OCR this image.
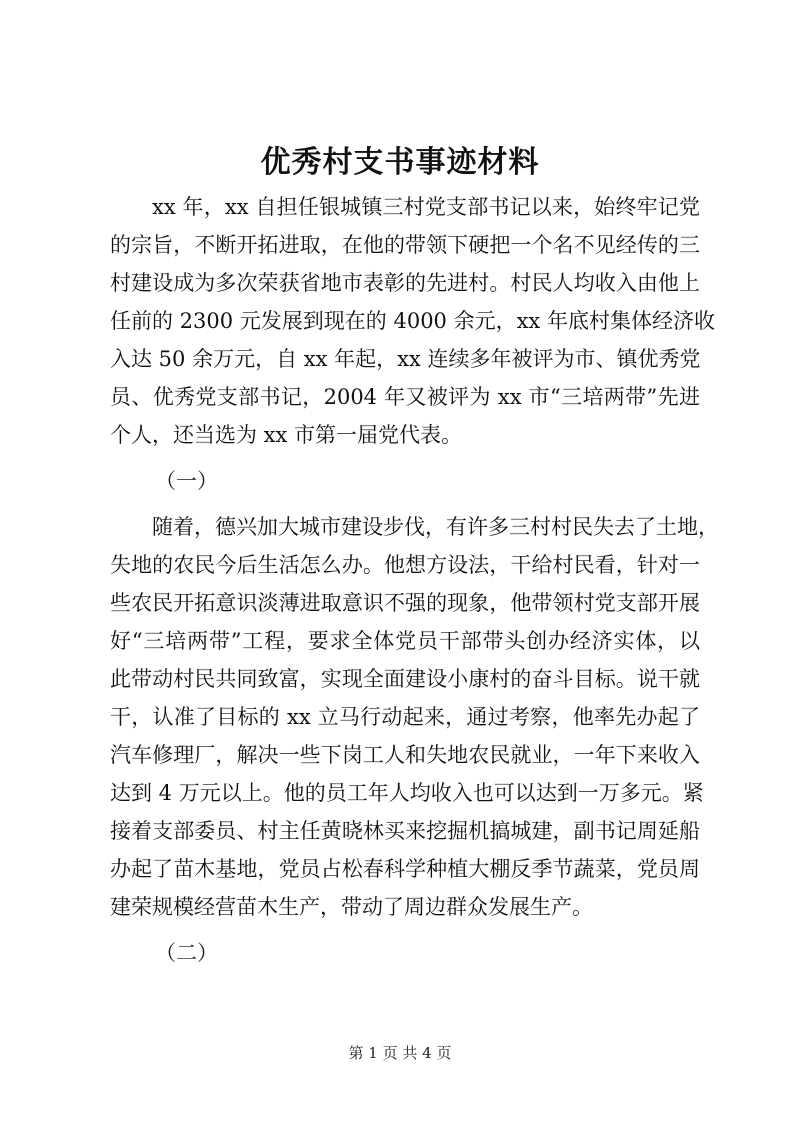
优秀村支书事迹材料
xx 年，xx 自担任银城镇三村党支部书记以来，始终牢记党
的宗旨，不断开拓进取，在他的带领下硬把一个名不见经传的三
村建设成为多次荣获省地市表彰的先进村。村民人均收入由他上
任前的 2300 元发展到现在的 4000 余元，xx 年底村集体经济收
入达 50 余万元，自 xx 年起，xx 连续多年被评为市、镇优秀党
员、优秀党支部书记，2004 年又被评为 xx 市“三培两带”先进
个人，还当选为 xx 市第一届党代表。
（一）
随着，德兴加大城市建设步伐，有许多三村村民失去了土地，
失地的农民今后生活怎么办。他想方设法，干给村民看，针对一
些农民开拓意识淡薄进取意识不强的现象，他带领村党支部开展
好“三培两带”工程，要求全体党员干部带头创办经济实体，以
此带动村民共同致富，实现全面建设小康村的奋斗目标。说干就
干，认准了目标的 xx 立马行动起来，通过考察，他率先办起了
汽车修理厂，解决一些下岗工人和失地农民就业，一年下来收入
达到 4 万元以上。他的员工年人均收入也可以达到一万多元。紧
接着支部委员、村主任黄晓林买来挖掘机搞城建，副书记周延船
办起了苗木基地，党员占松春科学种植大棚反季节蔬菜，党员周
建荣规模经营苗木生产，带动了周边群众发展生产。
（二）
第 1 页 共 4 页
